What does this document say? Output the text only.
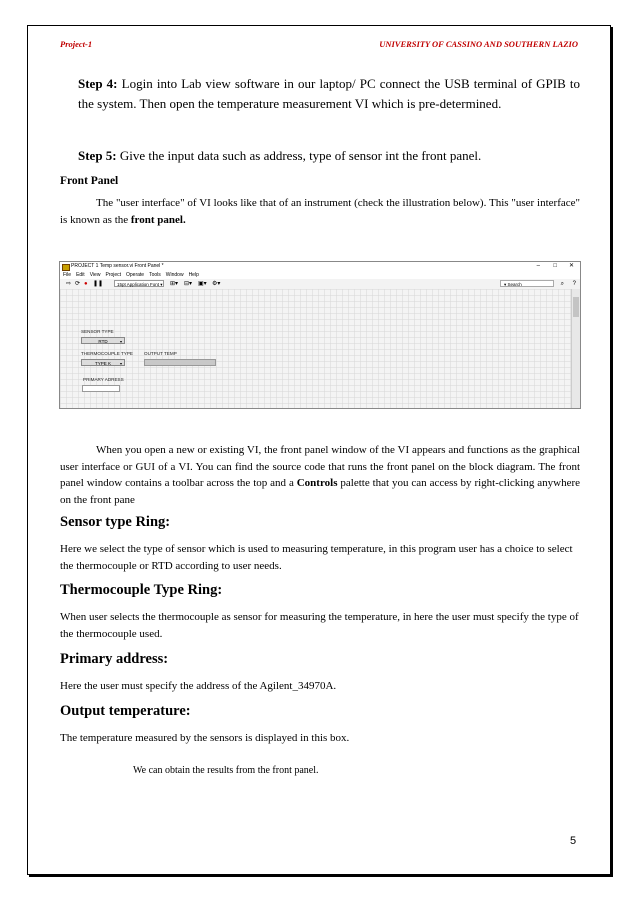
Project-1	UNIVERSITY OF CASSINO AND SOUTHERN LAZIO
Step 4: Login into Lab view software in our laptop/ PC connect the USB terminal of GPIB to the system. Then open the temperature measurement VI which is pre-determined.
Step 5: Give the input data such as address, type of sensor int the front panel.
Front Panel
The "user interface" of VI looks like that of an instrument (check the illustration below). This "user interface" is known as the front panel.
PROJECT 1 Temp sensor.vi Front Panel *	– □ ✕
File Edit View Project Operate Tools Window Help
⇨ ⟳ ● ❚❚	15pt Application Font ▾ ⊞▾ ⊟▾ ▣▾ ⚙▾	▾ Search	⌕ ?
SENSOR TYPE
RTD	▾
THERMOCOUPLE TYPE
TYPE K ▾
OUTPUT TEMP
PRIMARY ADRESS
When you open a new or existing VI, the front panel window of the VI appears and functions as the graphical user interface or GUI of a VI. You can find the source code that runs the front panel on the block diagram. The front panel window contains a toolbar across the top and a Controls palette that you can access by right-clicking anywhere on the front pane
Sensor type Ring:
Here we select the type of sensor which is used to measuring temperature, in this program user has a choice to select the thermocouple or RTD according to user needs.
Thermocouple Type Ring:
When user selects the thermocouple as sensor for measuring the temperature, in here the user must specify the type of the thermocouple used.
Primary address:
Here the user must specify the address of the Agilent_34970A.
Output temperature:
The temperature measured by the sensors is displayed in this box.
We can obtain the results from the front panel.
5
